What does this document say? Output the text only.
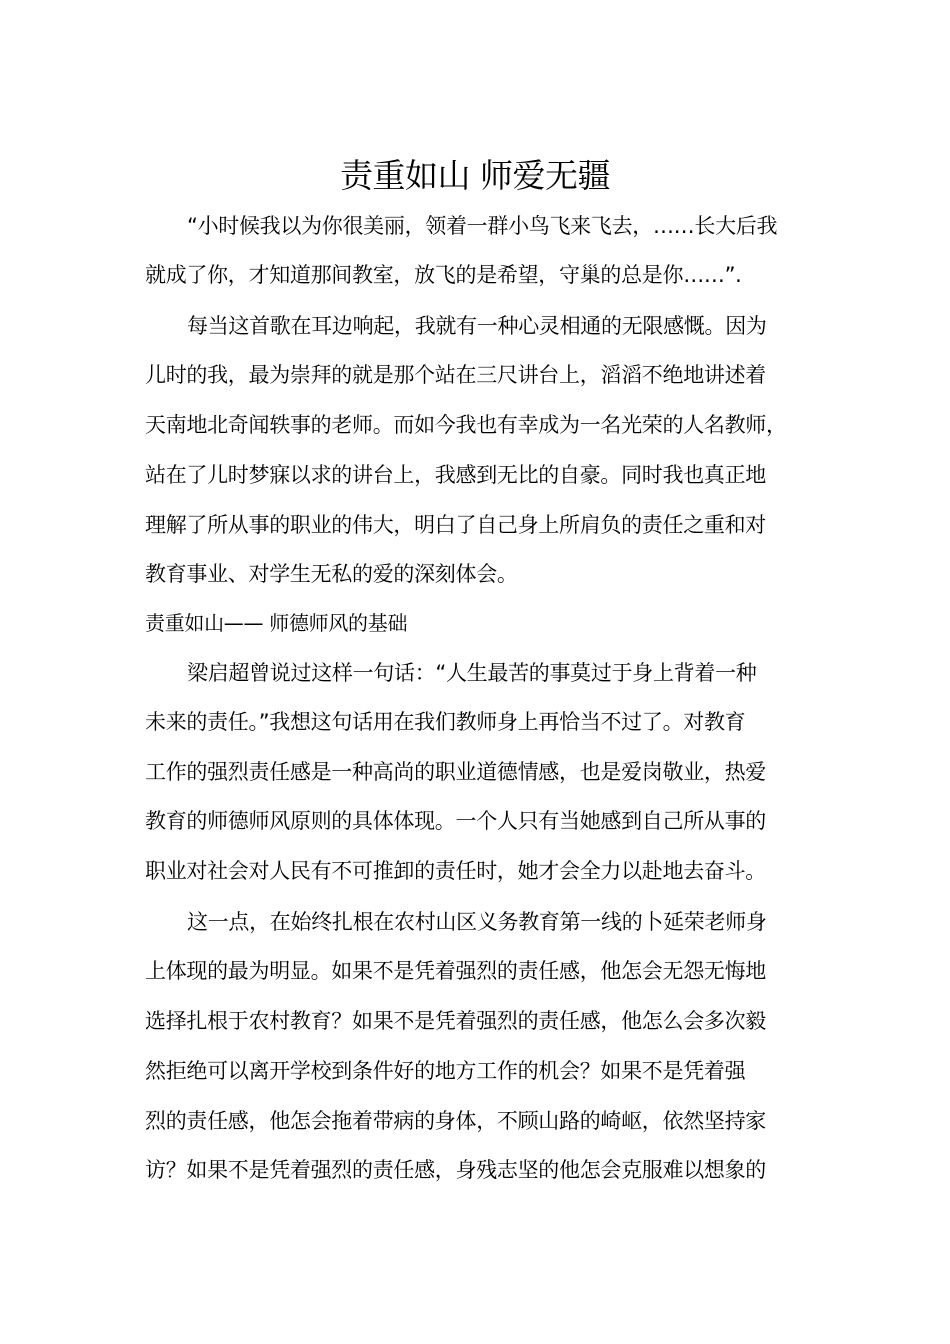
责重如山 师爱无疆
“小时候我以为你很美丽，领着一群小鸟飞来飞去，……长大后我
就成了你，才知道那间教室，放飞的是希望，守巢的总是你……”.
每当这首歌在耳边响起，我就有一种心灵相通的无限感慨。因为
儿时的我，最为崇拜的就是那个站在三尺讲台上，滔滔不绝地讲述着
天南地北奇闻轶事的老师。而如今我也有幸成为一名光荣的人名教师，
站在了儿时梦寐以求的讲台上，我感到无比的自豪。同时我也真正地
理解了所从事的职业的伟大，明白了自己身上所肩负的责任之重和对
教育事业、对学生无私的爱的深刻体会。
责重如山—— 师德师风的基础
梁启超曾说过这样一句话：“人生最苦的事莫过于身上背着一种
未来的责任。”我想这句话用在我们教师身上再恰当不过了。对教育
工作的强烈责任感是一种高尚的职业道德情感，也是爱岗敬业，热爱
教育的师德师风原则的具体体现。一个人只有当她感到自己所从事的
职业对社会对人民有不可推卸的责任时，她才会全力以赴地去奋斗。
这一点，在始终扎根在农村山区义务教育第一线的卜延荣老师身
上体现的最为明显。如果不是凭着强烈的责任感，他怎会无怨无悔地
选择扎根于农村教育？如果不是凭着强烈的责任感，他怎么会多次毅
然拒绝可以离开学校到条件好的地方工作的机会？如果不是凭着强
烈的责任感，他怎会拖着带病的身体，不顾山路的崎岖，依然坚持家
访？如果不是凭着强烈的责任感，身残志坚的他怎会克服难以想象的
